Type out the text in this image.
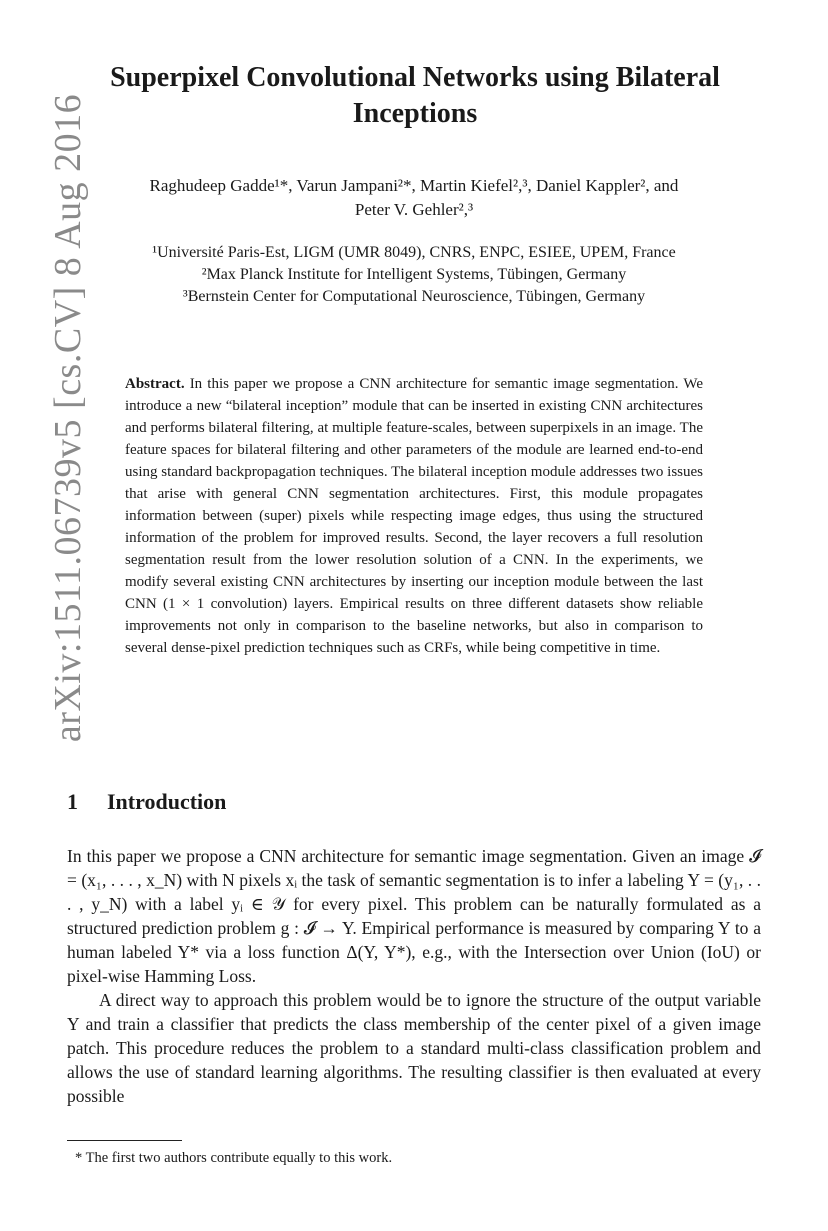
arXiv:1511.06739v5 [cs.CV] 8 Aug 2016
Superpixel Convolutional Networks using Bilateral Inceptions
Raghudeep Gadde¹*, Varun Jampani²*, Martin Kiefel²,³, Daniel Kappler², and
Peter V. Gehler²,³
¹Université Paris-Est, LIGM (UMR 8049), CNRS, ENPC, ESIEE, UPEM, France
²Max Planck Institute for Intelligent Systems, Tübingen, Germany
³Bernstein Center for Computational Neuroscience, Tübingen, Germany
Abstract. In this paper we propose a CNN architecture for semantic image segmentation. We introduce a new “bilateral inception” module that can be inserted in existing CNN architectures and performs bilateral filtering, at multiple feature-scales, between superpixels in an image. The feature spaces for bilateral filtering and other parameters of the module are learned end-to-end using standard backpropagation techniques. The bilateral inception module addresses two issues that arise with general CNN segmentation architectures. First, this module propagates information between (super) pixels while respecting image edges, thus using the structured information of the problem for improved results. Second, the layer recovers a full resolution segmentation result from the lower resolution solution of a CNN. In the experiments, we modify several existing CNN architectures by inserting our inception module between the last CNN (1 × 1 convolution) layers. Empirical results on three different datasets show reliable improvements not only in comparison to the baseline networks, but also in comparison to several dense-pixel prediction techniques such as CRFs, while being competitive in time.
1 Introduction

In this paper we propose a CNN architecture for semantic image segmentation. Given an image 𝓘 = (x₁, . . . , x_N) with N pixels xᵢ the task of semantic segmentation is to infer a labeling Y = (y₁, . . . , y_N) with a label yᵢ ∈ 𝒴 for every pixel. This problem can be naturally formulated as a structured prediction problem g : 𝓘 → Y. Empirical performance is measured by comparing Y to a human labeled Y* via a loss function Δ(Y, Y*), e.g., with the Intersection over Union (IoU) or pixel-wise Hamming Loss.

A direct way to approach this problem would be to ignore the structure of the output variable Y and train a classifier that predicts the class membership of the center pixel of a given image patch. This procedure reduces the problem to a standard multi-class classification problem and allows the use of standard learning algorithms. The resulting classifier is then evaluated at every possible

* The first two authors contribute equally to this work.
